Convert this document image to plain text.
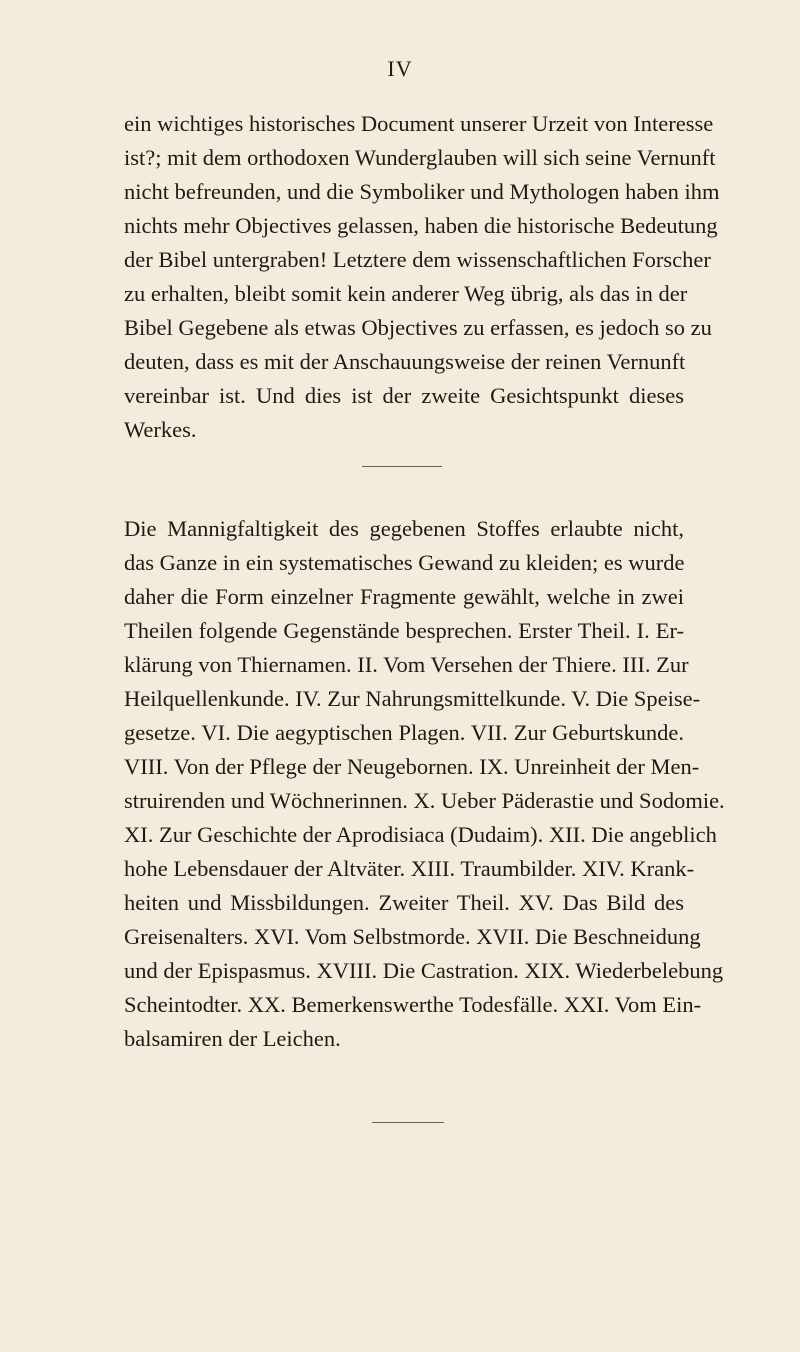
IV
ein wichtiges historisches Document unserer Urzeit von Interesse
ist?; mit dem orthodoxen Wunderglauben will sich seine Vernunft
nicht befreunden, und die Symboliker und Mythologen haben ihm
nichts mehr Objectives gelassen, haben die historische Bedeutung
der Bibel untergraben! Letztere dem wissenschaftlichen Forscher
zu erhalten, bleibt somit kein anderer Weg übrig, als das in der
Bibel Gegebene als etwas Objectives zu erfassen, es jedoch so zu
deuten, dass es mit der Anschauungsweise der reinen Vernunft
vereinbar ist. Und dies ist der zweite Gesichtspunkt dieses
Werkes.
Die Mannigfaltigkeit des gegebenen Stoffes erlaubte nicht,
das Ganze in ein systematisches Gewand zu kleiden; es wurde
daher die Form einzelner Fragmente gewählt, welche in zwei
Theilen folgende Gegenstände besprechen. Erster Theil. I. Er-
klärung von Thiernamen. II. Vom Versehen der Thiere. III. Zur
Heilquellenkunde. IV. Zur Nahrungsmittelkunde. V. Die Speise-
gesetze. VI. Die aegyptischen Plagen. VII. Zur Geburtskunde.
VIII. Von der Pflege der Neugebornen. IX. Unreinheit der Men-
struirenden und Wöchnerinnen. X. Ueber Päderastie und Sodomie.
XI. Zur Geschichte der Aprodisiaca (Dudaim). XII. Die angeblich
hohe Lebensdauer der Altväter. XIII. Traumbilder. XIV. Krank-
heiten und Missbildungen. Zweiter Theil. XV. Das Bild des
Greisenalters. XVI. Vom Selbstmorde. XVII. Die Beschneidung
und der Epispasmus. XVIII. Die Castration. XIX. Wiederbelebung
Scheintodter. XX. Bemerkenswerthe Todesfälle. XXI. Vom Ein-
balsamiren der Leichen.
